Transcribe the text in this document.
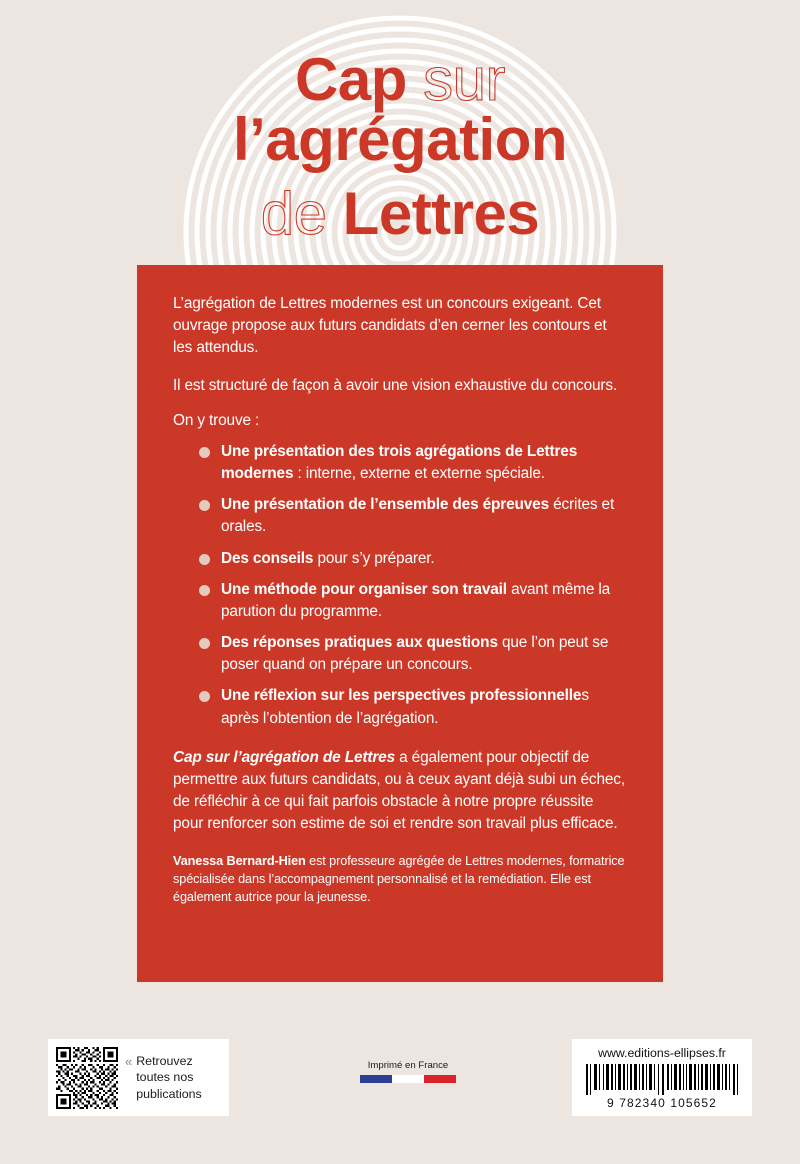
Cap sur
l’agrégation
de Lettres

L’agrégation de Lettres modernes est un concours exigeant. Cet ouvrage propose aux futurs candidats d’en cerner les contours et les attendus.

Il est structuré de façon à avoir une vision exhaustive du concours.

On y trouve :

Une présentation des trois agrégations de Lettres modernes : interne, externe et externe spéciale.
Une présentation de l’ensemble des épreuves écrites et orales.
Des conseils pour s’y préparer.
Une méthode pour organiser son travail avant même la parution du programme.
Des réponses pratiques aux questions que l’on peut se poser quand on prépare un concours.
Une réflexion sur les perspectives professionnelles après l’obtention de l’agrégation.

Cap sur l’agrégation de Lettres a également pour objectif de permettre aux futurs candidats, ou à ceux ayant déjà subi un échec, de réfléchir à ce qui fait parfois obstacle à notre propre réussite pour renforcer son estime de soi et rendre son travail plus efficace.

Vanessa Bernard-Hien est professeure agrégée de Lettres modernes, formatrice spécialisée dans l’accompagnement personnalisé et la remédiation. Elle est également autrice pour la jeunesse.

« Retrouvez toutes nos publications
Imprimé en France
www.editions-ellipses.fr
9 782340 105652
